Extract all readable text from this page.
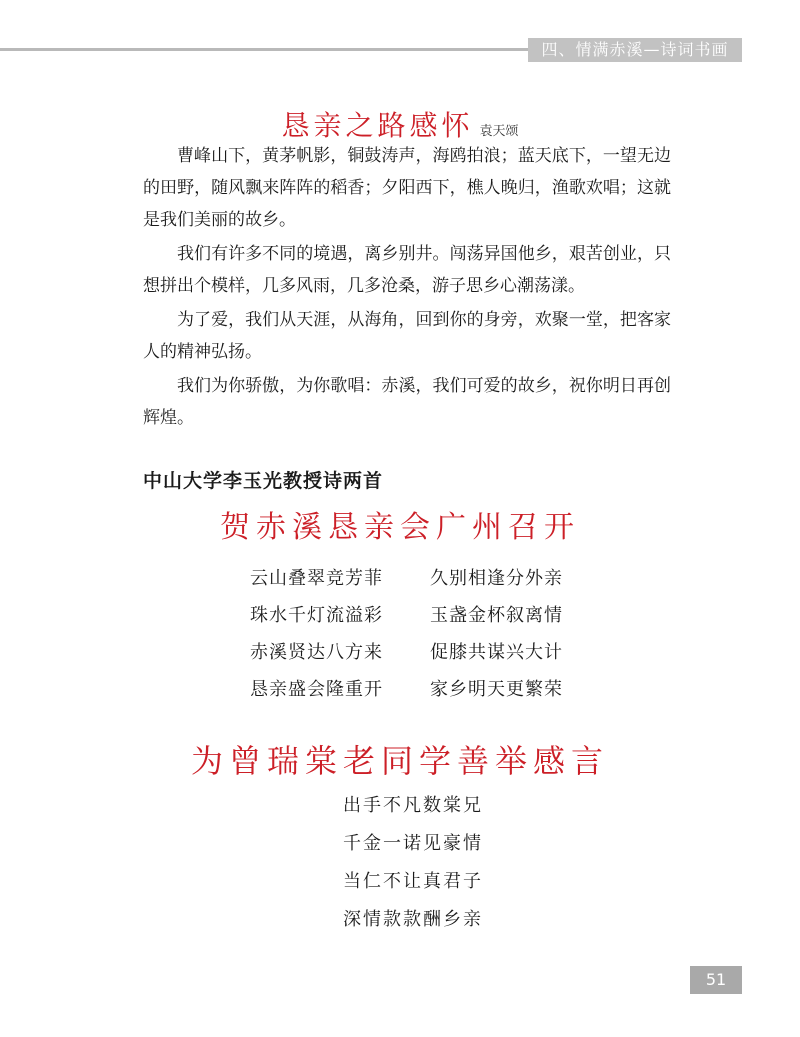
四、情满赤溪—诗词书画
恳亲之路感怀 袁天颂

曹峰山下，黄茅帆影，铜鼓涛声，海鸥拍浪；蓝天底下，一望无边的田野，随风飘来阵阵的稻香；夕阳西下，樵人晚归，渔歌欢唱；这就是我们美丽的故乡。

我们有许多不同的境遇，离乡别井。闯荡异国他乡，艰苦创业，只想拼出个模样，几多风雨，几多沧桑，游子思乡心潮荡漾。

为了爱，我们从天涯，从海角，回到你的身旁，欢聚一堂，把客家人的精神弘扬。

我们为你骄傲，为你歌唱：赤溪，我们可爱的故乡，祝你明日再创辉煌。

中山大学李玉光教授诗两首
贺赤溪恳亲会广州召开
云山叠翠竞芳菲	久别相逢分外亲
珠水千灯流溢彩	玉盏金杯叙离情
赤溪贤达八方来	促膝共谋兴大计
恳亲盛会隆重开	家乡明天更繁荣
为曾瑞棠老同学善举感言
出手不凡数棠兄
千金一诺见豪情
当仁不让真君子
深情款款酬乡亲
51
